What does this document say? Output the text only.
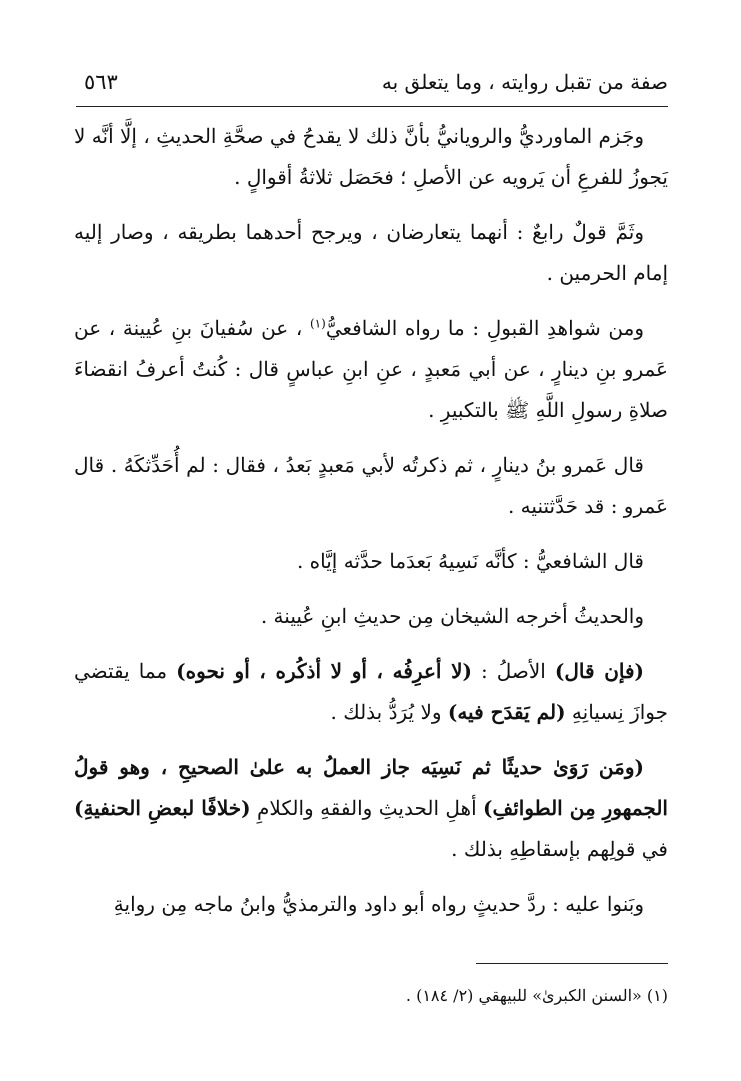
صفة من تقبل روايته ، وما يتعلق به
٥٦٣

وجَزم الماورديُّ والرويانيُّ بأنَّ ذلك لا يقدحُ في صحَّةِ الحديثِ ، إلَّا أنَّه لا يَجوزُ للفرعِ أن يَرويه عن الأصلِ ؛ فحَصَل ثلاثةُ أقوالٍ .

وثَمَّ قولٌ رابعٌ : أنهما يتعارضان ، ويرجح أحدهما بطريقه ، وصار إليه إمام الحرمين .

ومن شواهدِ القبولِ : ما رواه الشافعيُّ$^{(١)}$ ، عن سُفيانَ بنِ عُيينة ، عن عَمرو بنِ دينارٍ ، عن أبي مَعبدٍ ، عنِ ابنِ عباسٍ قال : كُنتُ أعرفُ انقضاءَ صلاةِ رسولِ اللَّهِ ﷺ بالتكبيرِ .

قال عَمرو بنُ دينارٍ ، ثم ذكرتُه لأبي مَعبدٍ بَعدُ ، فقال : لم أُحَدِّثكَهُ . قال عَمرو : قد حَدَّثتنيه .

قال الشافعيُّ : كأنَّه نَسِيهُ بَعدَما حدَّثه إيَّاه .

والحديثُ أخرجه الشيخان مِن حديثِ ابنِ عُيينة .

(فإن قال) الأصلُ : (لا أعرِفُه ، أو لا أذكُره ، أو نحوه) مما يقتضي جوازَ نِسيانِهِ (لم يَقدَح فيه) ولا يُرَدُّ بذلك .

(ومَن رَوَىٰ حديثًا ثم نَسِيَه جاز العملُ به علىٰ الصحيحِ ، وهو قولُ الجمهورِ مِن الطوائفِ) أهلِ الحديثِ والفقهِ والكلامِ (خلافًا لبعضِ الحنفيةِ) في قولِهم بإسقاطِهِ بذلك .

وبَنوا عليه : ردَّ حديثٍ رواه أبو داود والترمذيُّ وابنُ ماجه مِن روايةِ

(١) «السنن الكبرىٰ» للبيهقي (٢/ ١٨٤) .
